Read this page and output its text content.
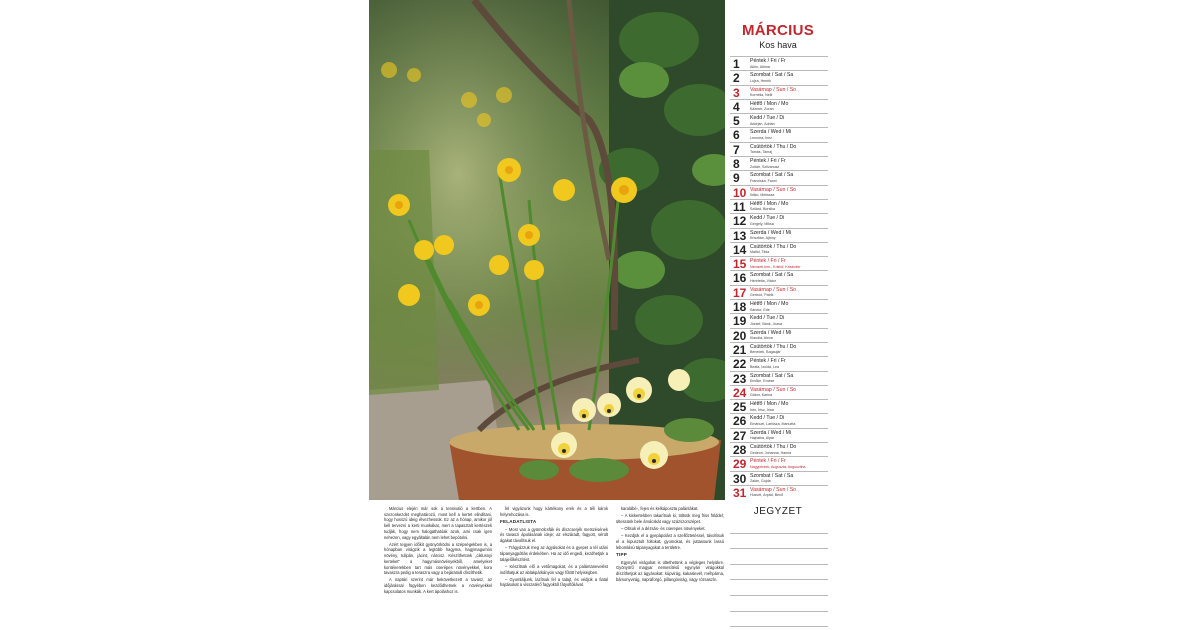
MÁRCIUS
Kos hava
1	Péntek / Fri / Fr
Albin, Albina
2	Szombat / Sat / Sa
Lujza, Henrik
3	Vasárnap / Sun / So
Kornélia, Nelli
4	Hétfő / Mon / Mo
Kázmér, Zoran
5	Kedd / Tue / Di
Adorján, Adrián
6	Szerda / Wed / Mi
Leonóra, Inez
7	Csütörtök / Thu / Do
Tamás, Tamaj
8	Péntek / Fri / Fr
Zoltán, Szilvánusz
9	Szombat / Sat / Sa
Franciska, Fanni
10 Vasárnap / Sun / So
Ildikó, Melissza
11 Hétfő / Mon / Mo
Szilárd, Borsika
12 Kedd / Tue / Di
Gergely, Miksa
13 Szerda / Wed / Mi
Krisztián, Ajtony
14 Csütörtök / Thu / Do
Matild, Tilda
15 Péntek / Fri / Fr
Nemzeti ünn., Kristóf, Krisztofer
16 Szombat / Sat / Sa
Henrietta, Viátor
17 Vasárnap / Sun / So
Gertrúd, Patrik
18 Hétfő / Mon / Mo
Sándor, Ede
19 Kedd / Tue / Di
József, Bánk, Józsa
20 Szerda / Wed / Mi
Klaudia, Alexa
21 Csütörtök / Thu / Do
Benedek, Bagaujár
22 Péntek / Fri / Fr
Beáta, Izolda, Lea
23 Szombat / Sat / Sa
Emőke, Emese
24 Vasárnap / Sun / So
Gábor, Karina
25 Hétfő / Mon / Mo
Irén, Írisz, Irina
26 Kedd / Tue / Di
Emánuel, Larissza, Manuéla
27 Szerda / Wed / Mi
Hajnalka, Alpár
28 Csütörtök / Thu / Do
Gedeon, Johanna, Hanna
29 Péntek / Fri / Fr
Nagypéntek, Auguszta, Augusztina
30 Szombat / Sat / Sa
Zalán, Gujda
31 Vasárnap / Sun / So
Húsvét, Árpád, Benő
JEGYZET

Március elején már sok a tennivaló a kertben. A szezonkezdet meghatározó, most kell a kertet elindítani, hogy hosszú ideig élvezhessük. Ez az a hónap, amikor jól kell tervezni a kerti munkákat, mert a tapasztalt kertészek tudják, hogy nem halogathatóak azok, ami csak igen nehezen, vagy egyáltalán nem lehet bepótolni.

Azért tegyen időkit gyönyörködni a szépségekben is, a hónapban virágzik a legtöbb hagyma, hagymagumós növény, tulipán, jácint, nárcisz. Készíthetünk „ciklusnyi kerteket” a hagymásnövényekből, amelyeket konténerekben tart más cserépes növényekkel, kora tavaszra pedig a teraszra vagy a bejáratnál díszíthetik.

A naptári szerint már bekövetkezett a tavasz, az időjárással fügyében kezdődhetnek a növényekkel kapcsolatos munkák. A kert ápoláshoz is.

fel vigyázunk hogy kártékony erek és a téli károk helyrehozása is.

FELADATLISTA

– Most van a gyümölcsfák és díszcserjék metszésének és tavaszi ápolásának ideje; az elszáradt, fagyott, sérült ágakat távolítsuk el.

– Trágyázzuk meg az ágyásokat és a gyepet a tél utáni tápanyagpótlás érdekében. Ha az idő engedi, kezdhetjük a talajelőkészítést.

– Készítsük elő a vetőmagokat, és a palántanevelést indíthatjuk az ablakpárkányon vagy fűtött helyiségben.

– Gyomláljunk, lazítsuk fel a talajt, és védjük a fiatal hajtásokat a visszatérő fagyoktól fátyolfóliával.

karalábé-, fejes és kelkáposzta palántákat.

– A kiskertekben takarítsuk ki, töltsük meg friss földdel; ültessünk bele árvácskát vagy százszorszépet.

– Oltsuk el a dézsás- és cserepes növényeket.

– Kezdjük el a gyepápolást a szellőztetéssel, távolítsuk el a kipusztult foltokat, gyomokat, és juttassunk lassú lebomlású tápanyagokat a területre.

TIPP

Egynyári virágokat is ültethetünk a végleges helyükre. Gyönyörű magyar nemesítésű egynyári virágokkal díszíthetjük az ágyásokat: kúpvirág, kakaslevél, méhpárna, bársonyvirág, napraforgó, pillangóvirág, vagy rózsaszín.
